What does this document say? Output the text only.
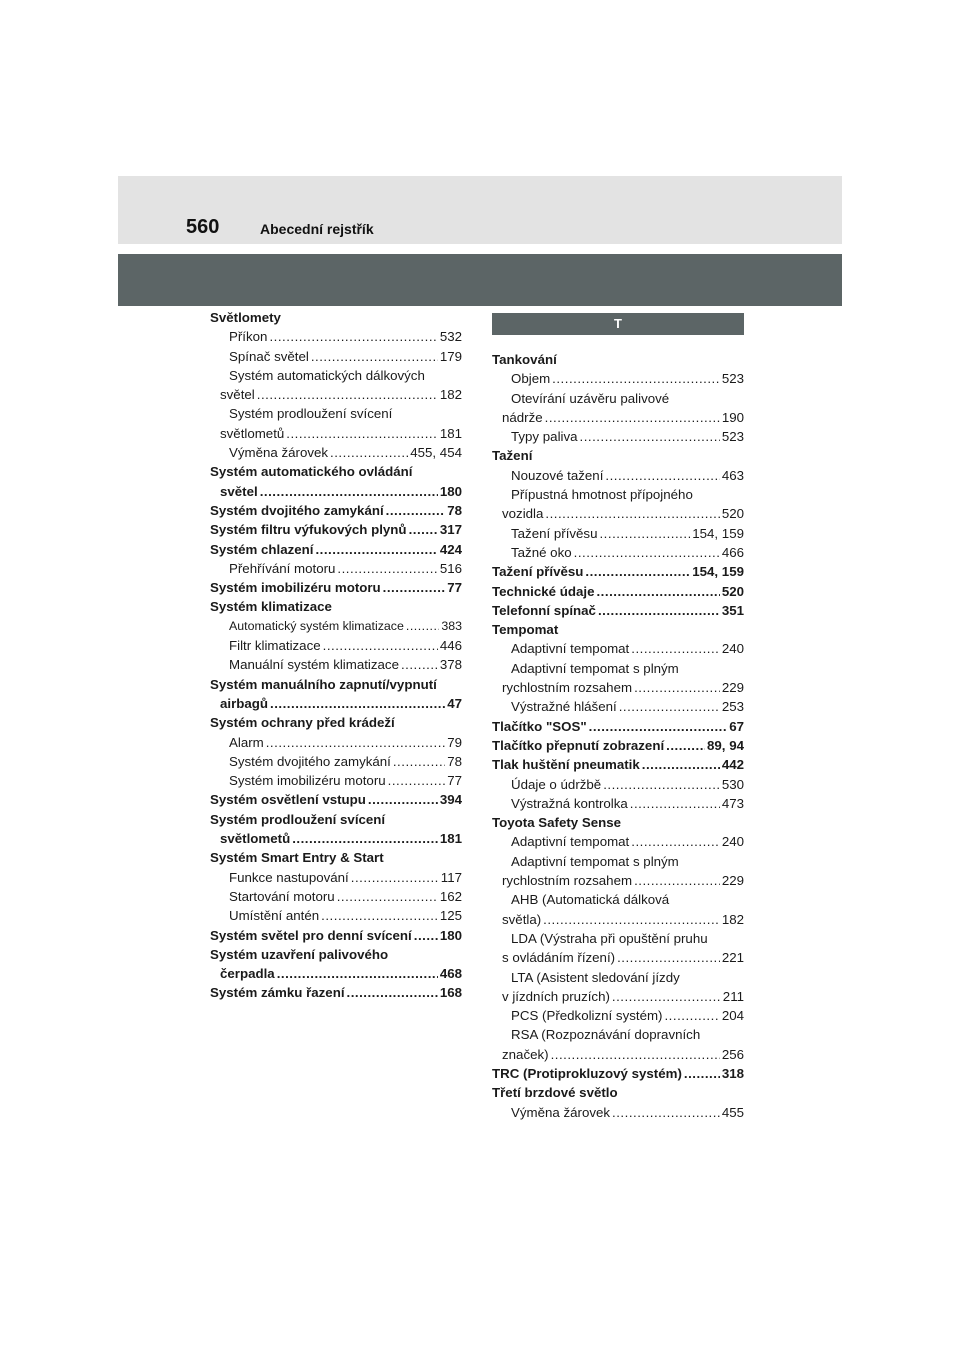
560	Abecední rejstřík
Světlomety
Příkon .....	532
Spínač světel .....	179
Systém automatických dálkových
světel .....	182
Systém prodloužení svícení
světlometů .....	181
Výměna žárovek .....	455, 454
Systém automatického ovládání
světel .....	180
Systém dvojitého zamykání .....	78
Systém filtru výfukových plynů .....	317
Systém chlazení .....	424
Přehřívání motoru .....	516
Systém imobilizéru motoru .....	77
Systém klimatizace
Automatický systém klimatizace .....	383
Filtr klimatizace .....	446
Manuální systém klimatizace .....	378
Systém manuálního zapnutí/vypnutí
airbagů .....	47
Systém ochrany před krádeží
Alarm .....	79
Systém dvojitého zamykání .....	78
Systém imobilizéru motoru .....	77
Systém osvětlení vstupu .....	394
Systém prodloužení svícení
světlometů .....	181
Systém Smart Entry & Start
Funkce nastupování .....	117
Startování motoru .....	162
Umístění antén .....	125
Systém světel pro denní svícení ..... 180
Systém uzavření palivového
čerpadla .....	468
Systém zámku řazení .....	168
T
Tankování
Objem .....	523
Otevírání uzávěru palivové
nádrže .....	190
Typy paliva .....	523
Tažení
Nouzové tažení .....	463
Přípustná hmotnost přípojného
vozidla .....	520
Tažení přívěsu .....	154, 159
Tažné oko .....	466
Tažení přívěsu .....	154, 159
Technické údaje .....	520
Telefonní spínač .....	351
Tempomat
Adaptivní tempomat .....	240
Adaptivní tempomat s plným
rychlostním rozsahem .....	229
Výstražné hlášení .....	253
Tlačítko "SOS" .....	67
Tlačítko přepnutí zobrazení .....	89, 94
Tlak huštění pneumatik .....	442
Údaje o údržbě .....	530
Výstražná kontrolka .....	473
Toyota Safety Sense
Adaptivní tempomat .....	240
Adaptivní tempomat s plným
rychlostním rozsahem .....	229
AHB (Automatická dálková
světla) .....	182
LDA (Výstraha při opuštění pruhu
s ovládáním řízení) .....	221
LTA (Asistent sledování jízdy
v jízdních pruzích) .....	211
PCS (Předkolizní systém) .....	204
RSA (Rozpoznávání dopravních
značek) .....	256
TRC (Protiprokluzový systém) .....	318
Třetí brzdové světlo
Výměna žárovek .....	455
